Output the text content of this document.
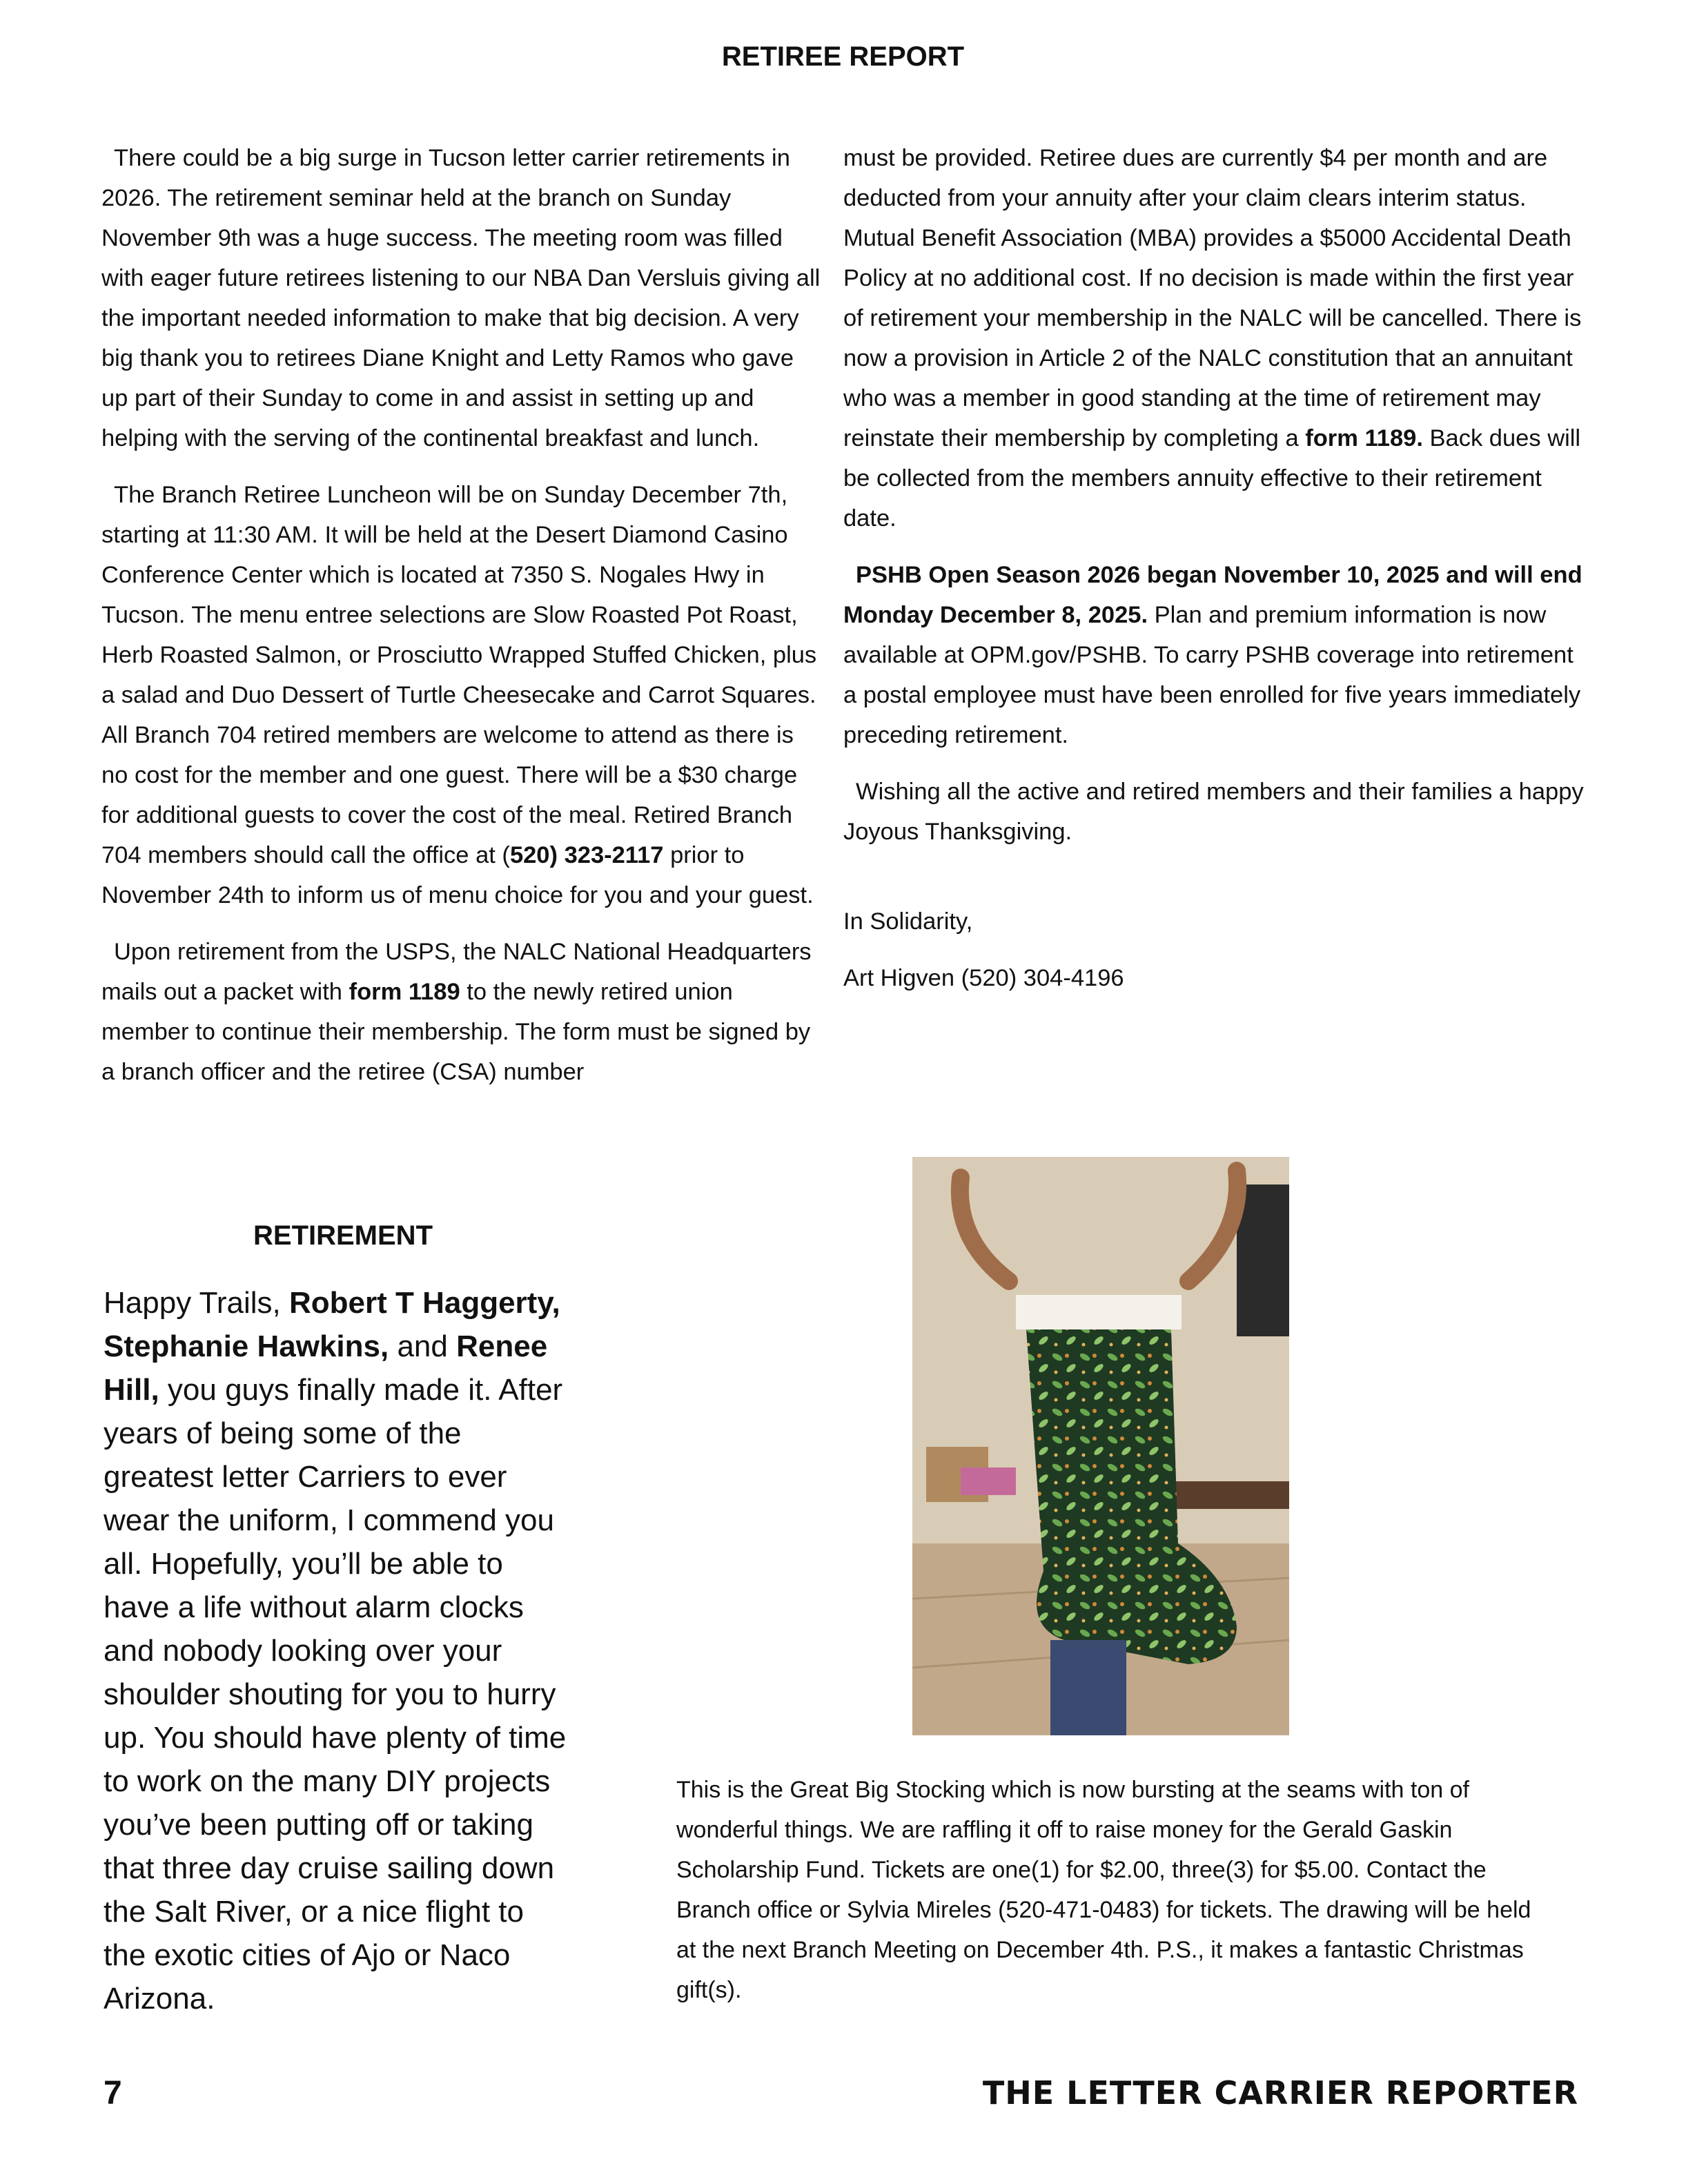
RETIREE REPORT

There could be a big surge in Tucson letter carrier retirements in 2026. The retirement seminar held at the branch on Sunday November 9th was a huge success. The meeting room was filled with eager future retirees listening to our NBA Dan Versluis giving all the important needed information to make that big decision. A very big thank you to retirees Diane Knight and Letty Ramos who gave up part of their Sunday to come in and assist in setting up and helping with the serving of the continental breakfast and lunch.

The Branch Retiree Luncheon will be on Sunday December 7th, starting at 11:30 AM. It will be held at the Desert Diamond Casino Conference Center which is located at 7350 S. Nogales Hwy in Tucson. The menu entree selections are Slow Roasted Pot Roast, Herb Roasted Salmon, or Prosciutto Wrapped Stuffed Chicken, plus a salad and Duo Dessert of Turtle Cheesecake and Carrot Squares. All Branch 704 retired members are welcome to attend as there is no cost for the member and one guest. There will be a $30 charge for additional guests to cover the cost of the meal. Retired Branch 704 members should call the office at (520) 323-2117 prior to November 24th to inform us of menu choice for you and your guest.

Upon retirement from the USPS, the NALC National Headquarters mails out a packet with form 1189 to the newly retired union member to continue their membership. The form must be signed by a branch officer and the retiree (CSA) number

must be provided. Retiree dues are currently $4 per month and are deducted from your annuity after your claim clears interim status. Mutual Benefit Association (MBA) provides a $5000 Accidental Death Policy at no additional cost. If no decision is made within the first year of retirement your membership in the NALC will be cancelled. There is now a provision in Article 2 of the NALC constitution that an annuitant who was a member in good standing at the time of retirement may reinstate their membership by completing a form 1189. Back dues will be collected from the members annuity effective to their retirement date.

PSHB Open Season 2026 began November 10, 2025 and will end Monday December 8, 2025. Plan and premium information is now available at OPM.gov/PSHB. To carry PSHB coverage into retirement a postal employee must have been enrolled for five years immediately preceding retirement.

Wishing all the active and retired members and their families a happy Joyous Thanksgiving.

In Solidarity,

Art Higven (520) 304-4196

RETIREMENT
Happy Trails, Robert T Haggerty, Stephanie Hawkins, and Renee Hill, you guys finally made it. After years of being some of the greatest letter Carriers to ever wear the uniform, I commend you all. Hopefully, you’ll be able to have a life without alarm clocks and nobody looking over your shoulder shouting for you to hurry up. You should have plenty of time to work on the many DIY projects you’ve been putting off or taking that three day cruise sailing down the Salt River, or a nice flight to the exotic cities of Ajo or Naco Arizona.
This is the Great Big Stocking which is now bursting at the seams with ton of wonderful things. We are raffling it off to raise money for the Gerald Gaskin Scholarship Fund. Tickets are one(1) for $2.00, three(3) for $5.00. Contact the Branch office or Sylvia Mireles (520-471-0483) for tickets. The drawing will be held at the next Branch Meeting on December 4th. P.S., it makes a fantastic Christmas gift(s).
7	THE LETTER CARRIER REPORTER
